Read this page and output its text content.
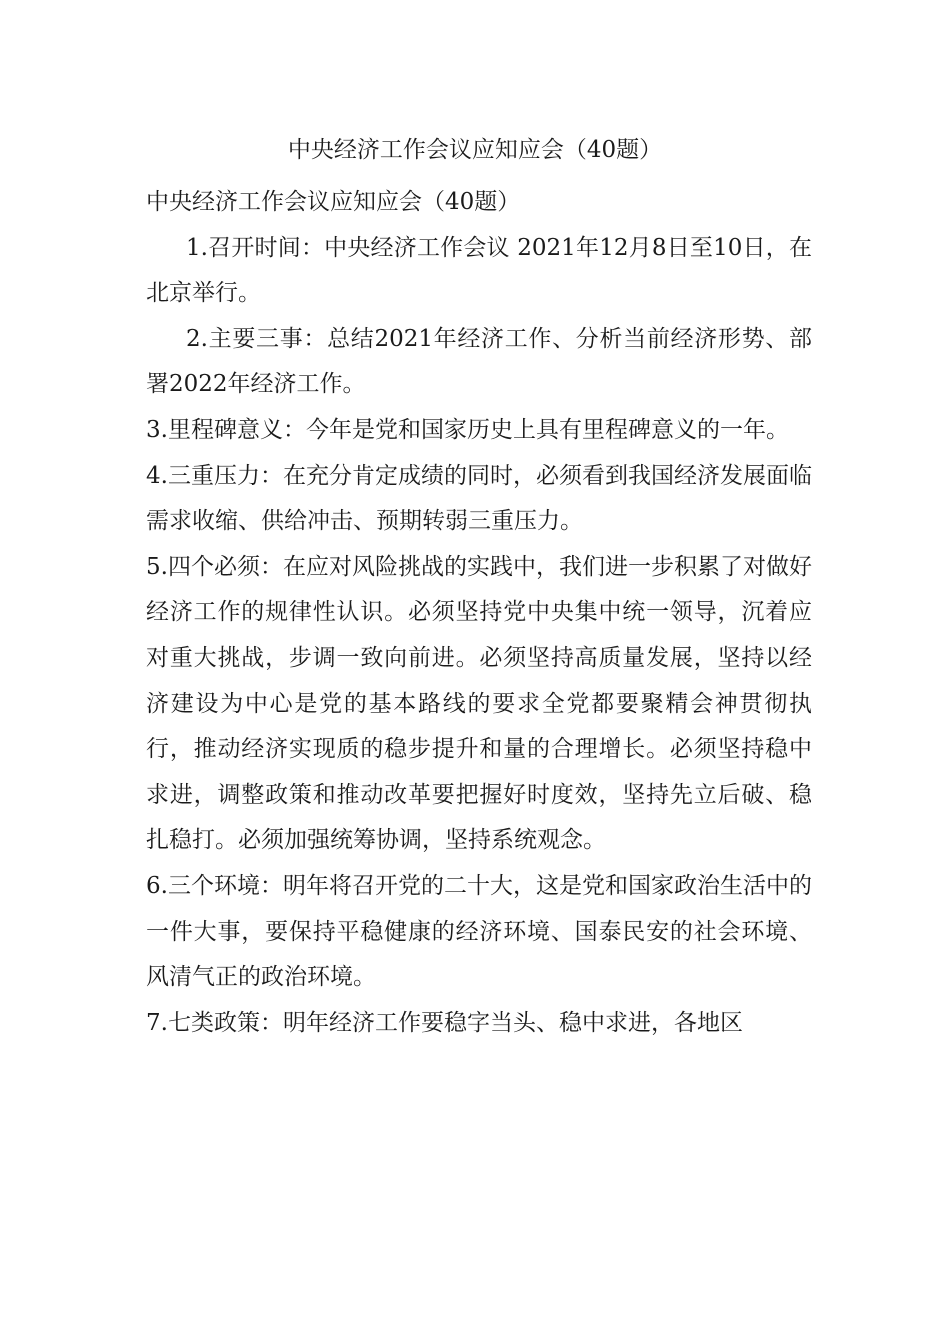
中央经济工作会议应知应会（40题）

中央经济工作会议应知应会（40题）

1.召开时间：中央经济工作会议 2021年12月8日至10日，在北京举行。

2.主要三事：总结2021年经济工作、分析当前经济形势、部署2022年经济工作。

3.里程碑意义：今年是党和国家历史上具有里程碑意义的一年。

4.三重压力：在充分肯定成绩的同时，必须看到我国经济发展面临需求收缩、供给冲击、预期转弱三重压力。

5.四个必须：在应对风险挑战的实践中，我们进一步积累了对做好经济工作的规律性认识。必须坚持党中央集中统一领导，沉着应对重大挑战，步调一致向前进。必须坚持高质量发展，坚持以经济建设为中心是党的基本路线的要求全党都要聚精会神贯彻执行，推动经济实现质的稳步提升和量的合理增长。必须坚持稳中求进，调整政策和推动改革要把握好时度效，坚持先立后破、稳扎稳打。必须加强统筹协调，坚持系统观念。

6.三个环境：明年将召开党的二十大，这是党和国家政治生活中的一件大事，要保持平稳健康的经济环境、国泰民安的社会环境、风清气正的政治环境。

7.七类政策：明年经济工作要稳字当头、稳中求进，各地区
